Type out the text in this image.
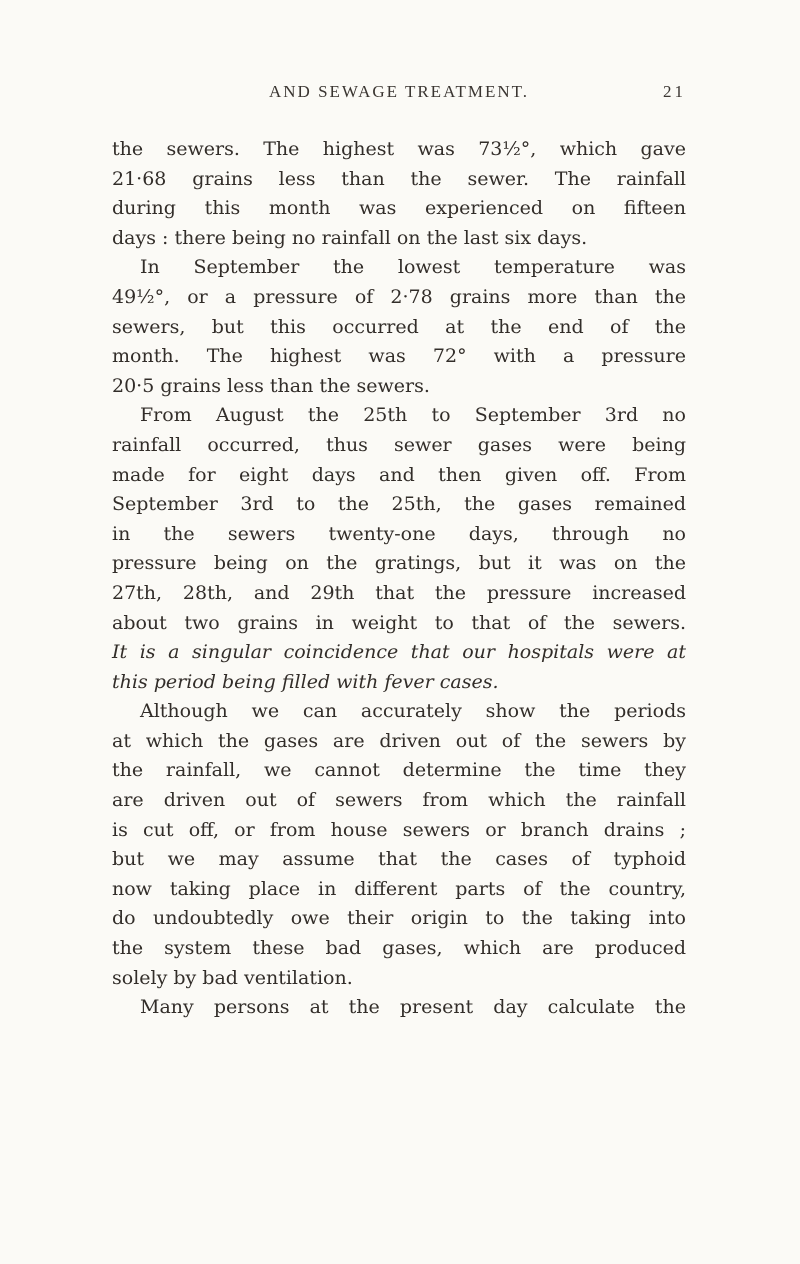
AND SEWAGE TREATMENT.	21
the sewers. The highest was 73½°, which gave
21·68 grains less than the sewer. The rainfall
during this month was experienced on fifteen
days : there being no rainfall on the last six days.
In September the lowest temperature was
49½°, or a pressure of 2·78 grains more than the
sewers, but this occurred at the end of the
month. The highest was 72° with a pressure
20·5 grains less than the sewers.
From August the 25th to September 3rd no
rainfall occurred, thus sewer gases were being
made for eight days and then given off. From
September 3rd to the 25th, the gases remained
in the sewers twenty-one days, through no
pressure being on the gratings, but it was on the
27th, 28th, and 29th that the pressure increased
about two grains in weight to that of the sewers.
It is a singular coincidence that our hospitals were at
this period being filled with fever cases.
Although we can accurately show the periods
at which the gases are driven out of the sewers by
the rainfall, we cannot determine the time they
are driven out of sewers from which the rainfall
is cut off, or from house sewers or branch drains ;
but we may assume that the cases of typhoid
now taking place in different parts of the country,
do undoubtedly owe their origin to the taking into
the system these bad gases, which are produced
solely by bad ventilation.
Many persons at the present day calculate the
